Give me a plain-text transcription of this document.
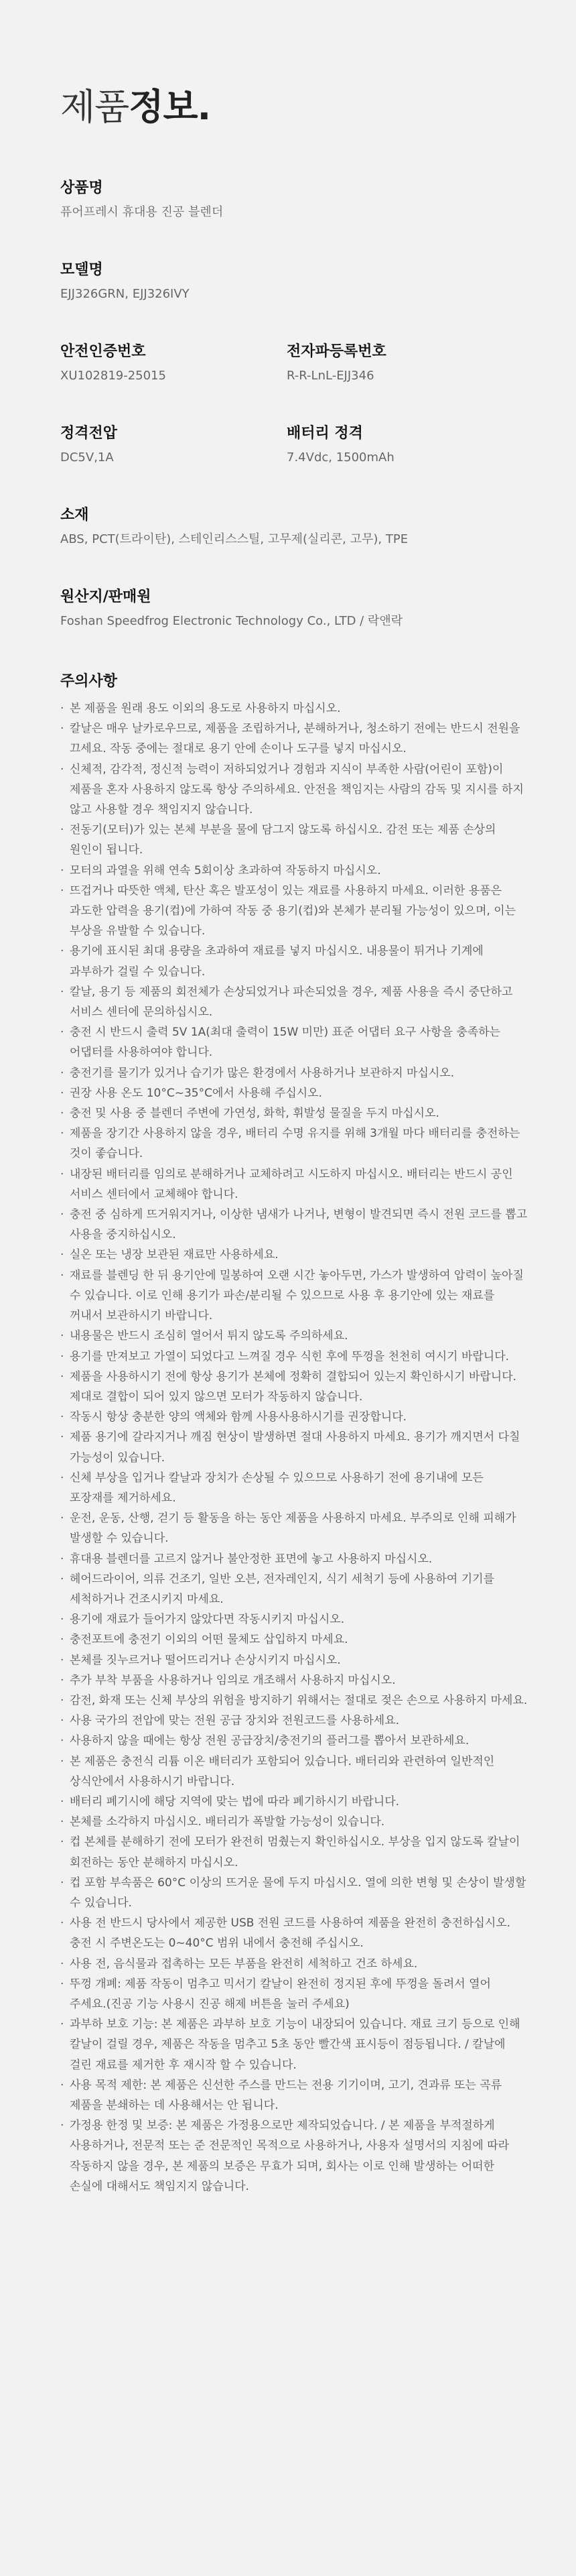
제품정보.
상품명
퓨어프레시 휴대용 진공 블렌더
모델명
EJJ326GRN, EJJ326IVY
안전인증번호
XU102819-25015
전자파등록번호
R-R-LnL-EJJ346
정격전압
DC5V,1A
배터리 정격
7.4Vdc, 1500mAh
소재
ABS, PCT(트라이탄), 스테인리스스틸, 고무제(실리콘, 고무), TPE
원산지/판매원
Foshan Speedfrog Electronic Technology Co., LTD / 락앤락
주의사항
· 본 제품을 원래 용도 이외의 용도로 사용하지 마십시오.
· 칼날은 매우 날카로우므로, 제품을 조립하거나, 분해하거나, 청소하기 전에는 반드시 전원을 끄세요. 작동 중에는 절대로 용기 안에 손이나 도구를 넣지 마십시오.
· 신체적, 감각적, 정신적 능력이 저하되었거나 경험과 지식이 부족한 사람(어린이 포함)이 제품을 혼자 사용하지 않도록 항상 주의하세요. 안전을 책임지는 사람의 감독 및 지시를 하지 않고 사용할 경우 책임지지 않습니다.
· 전동기(모터)가 있는 본체 부분을 물에 담그지 않도록 하십시오. 감전 또는 제품 손상의 원인이 됩니다.
· 모터의 과열을 위해 연속 5회이상 초과하여 작동하지 마십시오.
· 뜨겁거나 따뜻한 액체, 탄산 혹은 발포성이 있는 재료를 사용하지 마세요. 이러한 용품은 과도한 압력을 용기(컵)에 가하여 작동 중 용기(컵)와 본체가 분리될 가능성이 있으며, 이는 부상을 유발할 수 있습니다.
· 용기에 표시된 최대 용량을 초과하여 재료를 넣지 마십시오. 내용물이 튀거나 기계에 과부하가 걸릴 수 있습니다.
· 칼날, 용기 등 제품의 회전체가 손상되었거나 파손되었을 경우, 제품 사용을 즉시 중단하고 서비스 센터에 문의하십시오.
· 충전 시 반드시 출력 5V 1A(최대 출력이 15W 미만) 표준 어댑터 요구 사항을 충족하는 어댑터를 사용하여야 합니다.
· 충전기를 물기가 있거나 습기가 많은 환경에서 사용하거나 보관하지 마십시오.
· 권장 사용 온도 10°C~35°C에서 사용해 주십시오.
· 충전 및 사용 중 블렌더 주변에 가연성, 화학, 휘발성 물질을 두지 마십시오.
· 제품을 장기간 사용하지 않을 경우, 배터리 수명 유지를 위해 3개월 마다 배터리를 충전하는 것이 좋습니다.
· 내장된 배터리를 임의로 분해하거나 교체하려고 시도하지 마십시오. 배터리는 반드시 공인 서비스 센터에서 교체해야 합니다.
· 충전 중 심하게 뜨거워지거나, 이상한 냄새가 나거나, 변형이 발견되면 즉시 전원 코드를 뽑고 사용을 중지하십시오.
· 실온 또는 냉장 보관된 재료만 사용하세요.
· 재료를 블렌딩 한 뒤 용기안에 밀봉하여 오랜 시간 놓아두면, 가스가 발생하여 압력이 높아질 수 있습니다. 이로 인해 용기가 파손/분리될 수 있으므로 사용 후 용기안에 있는 재료를 꺼내서 보관하시기 바랍니다.
· 내용물은 반드시 조심히 열어서 튀지 않도록 주의하세요.
· 용기를 만져보고 가열이 되었다고 느껴질 경우 식힌 후에 뚜껑을 천천히 여시기 바랍니다.
· 제품을 사용하시기 전에 항상 용기가 본체에 정확히 결합되어 있는지 확인하시기 바랍니다. 제대로 결합이 되어 있지 않으면 모터가 작동하지 않습니다.
· 작동시 항상 충분한 양의 액체와 함께 사용사용하시기를 권장합니다.
· 제품 용기에 갈라지거나 깨짐 현상이 발생하면 절대 사용하지 마세요. 용기가 깨지면서 다칠 가능성이 있습니다.
· 신체 부상을 입거나 칼날과 장치가 손상될 수 있으므로 사용하기 전에 용기내에 모든 포장재를 제거하세요.
· 운전, 운동, 산행, 걷기 등 활동을 하는 동안 제품을 사용하지 마세요. 부주의로 인해 피해가 발생할 수 있습니다.
· 휴대용 블렌더를 고르지 않거나 불안정한 표면에 놓고 사용하지 마십시오.
· 헤어드라이어, 의류 건조기, 일반 오븐, 전자레인지, 식기 세척기 등에 사용하여 기기를 세척하거나 건조시키지 마세요.
· 용기에 재료가 들어가지 않았다면 작동시키지 마십시오.
· 충전포트에 충전기 이외의 어떤 물체도 삽입하지 마세요.
· 본체를 짓누르거나 떨어뜨리거나 손상시키지 마십시오.
· 추가 부착 부품을 사용하거나 임의로 개조해서 사용하지 마십시오.
· 감전, 화재 또는 신체 부상의 위험을 방지하기 위해서는 절대로 젖은 손으로 사용하지 마세요.
· 사용 국가의 전압에 맞는 전원 공급 장치와 전원코드를 사용하세요.
· 사용하지 않을 때에는 항상 전원 공급장치/충전기의 플러그를 뽑아서 보관하세요.
· 본 제품은 충전식 리튬 이온 배터리가 포함되어 있습니다. 배터리와 관련하여 일반적인 상식안에서 사용하시기 바랍니다.
· 배터리 폐기시에 해당 지역에 맞는 법에 따라 폐기하시기 바랍니다.
· 본체를 소각하지 마십시오. 배터리가 폭발할 가능성이 있습니다.
· 컵 본체를 분해하기 전에 모터가 완전히 멈췄는지 확인하십시오. 부상을 입지 않도록 칼날이 회전하는 동안 분해하지 마십시오.
· 컵 포함 부속품은 60°C 이상의 뜨거운 물에 두지 마십시오. 열에 의한 변형 및 손상이 발생할 수 있습니다.
· 사용 전 반드시 당사에서 제공한 USB 전원 코드를 사용하여 제품을 완전히 충전하십시오. 충전 시 주변온도는 0~40°C 범위 내에서 충전해 주십시오.
· 사용 전, 음식물과 접촉하는 모든 부품을 완전히 세척하고 건조 하세요.
· 뚜껑 개폐: 제품 작동이 멈추고 믹서기 칼날이 완전히 정지된 후에 뚜껑을 돌려서 열어 주세요.(진공 기능 사용시 진공 해제 버튼을 눌러 주세요)
· 과부하 보호 기능: 본 제품은 과부하 보호 기능이 내장되어 있습니다. 재료 크기 등으로 인해 칼날이 걸릴 경우, 제품은 작동을 멈추고 5초 동안 빨간색 표시등이 점등됩니다. / 칼날에 걸린 재료를 제거한 후 재시작 할 수 있습니다.
· 사용 목적 제한: 본 제품은 신선한 주스를 만드는 전용 기기이며, 고기, 견과류 또는 곡류 제품을 분쇄하는 데 사용해서는 안 됩니다.
· 가정용 한정 및 보증: 본 제품은 가정용으로만 제작되었습니다. / 본 제품을 부적절하게 사용하거나, 전문적 또는 준 전문적인 목적으로 사용하거나, 사용자 설명서의 지침에 따라 작동하지 않을 경우, 본 제품의 보증은 무효가 되며, 회사는 이로 인해 발생하는 어떠한 손실에 대해서도 책임지지 않습니다.
